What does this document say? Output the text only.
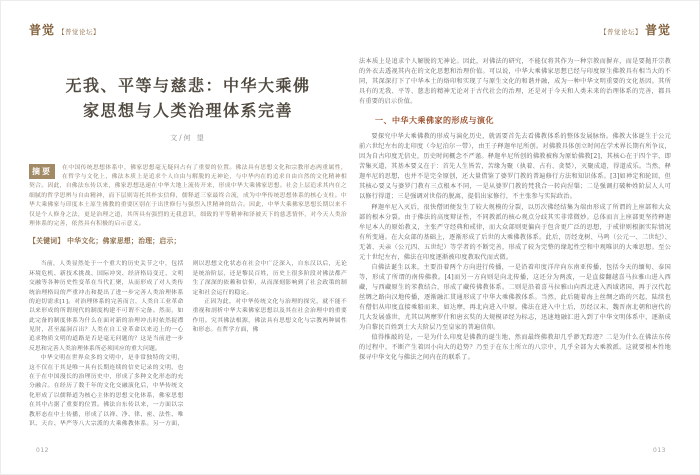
普觉 【普觉论坛】
无我、平等与慈悲：中华大乘佛
家思想与人类治理体系完善
文/何 望
摘要	在中国传统思想体系中，佛家思想毫无疑问占有了重要的位置。佛法具有思想文化和宗教形态两重属性，在哲学与文化上，佛法本质上是追求个人自由与解脱的无神论，与中华内在的追求自由自然的文化精神相契合。因此，自佛法东传以来，佛家思想迅速在中华大地上流传开来，形成中华大乘佛家思想。社会上层追求其内在之细腻的哲学思辨与自由精神，而下层则寄托其朴实信仰，儒释道三家最终合流，成为中华传统思想体系的核心支柱。中华大乘佛家与印度本土原生佛教的重要区别在于出世修行与强烈入世精神的结合。因此，中华大乘佛家思想长期以来不仅是个人修身之法，更是治理之道，其所具有强烈的无我意识，细致的平等精神和泽被天下的慈悲情怀，对今天人类治理体系的完善，依然具有积极的启示意义。
【关键词】 中华文化；佛家思想；治理；启示；

当前，人类显然处于一个重大的历史关节之中，包括环境危机、新技术挑战、国际冲突、经济格局变迁、文明交融等各种历史性变革在当代汇聚，从而形成了对人类传统治理格局的严重冲击和提出了进一步完善人类治理体系的迫切需求[1]。对治理体系的完善而言，人类自工业革命以来形成的所谓现代的制度构建不可谓不完备。然而，如此完备的制度体系为什么在面对新的治理冲击时依然捉襟见肘，甚至漏洞百出？人类在自工业革命以来迈上的一心追求物质文明的道路是否是毫无问题的？这是当前进一步反思和完善人类治理体系所必须回应的重大问题。

中华文明在世界众多的文明中，是非常独特的文明，这不仅在于其是唯一具有长期连续的信史记录的文明，也在于在中国漫长的治理历史中，形成了多种文化形态的充分融合。在经历了数千年的文化交融演化后，中华传统文化形成了以儒释道为核心主体的思想文化体系，佛家思想在其中占据了重要的位置。佛法自东传以来，一方面以宗教形态在中土传播，形成了以禅、净、律、密、法性、唯识、天台、华严等八大宗派的大乘佛教体系。另一方面，则以思想文化状态在社会中广泛深入，自东汉以后，无论是统治阶层，还是黎民百姓，历史上很多阶段对佛法都产生了深深的依赖和信仰，从而深刻影响到了社会政策的制定和社会运行的稳定。

正因为此，对中华传统文化与治理的探究，就不能不重视和剖析中华大乘佛家思想以及其在社会治理中的重要作用。究其佛法根源，佛法具有思想文化与宗教两种属性和形态。在哲学方面，佛

【普觉论坛】 普觉

法本质上是追求个人解脱的无神论。因此，对佛法的研究，不能仅将其作为一种宗教而摒弃，而是要抛开宗教的外衣去透视其内在的文化思想和治理价值。可以说，中华大乘佛家思想已经与印度原生佛教具有相当大的不同，其深深打下了中华本土的烙印和实现了与原生文化的和谐并融，成为一种中华文明重要的文化基因。其所具有的无我、平等、慈悲的精神无论对于古代社会的治理，还是对于今天和人类未来的治理体系的完善，都具有重要的启示价值。

一、中华大乘佛家的形成与演化

要探究中华大乘佛教的形成与演化历史，就需要首先去看佛教体系的整体发展脉络。佛教大体诞生于公元前六世纪左右的北印度（今尼泊尔一带），由王子释迦牟尼所创。对佛教具体创立时间在学术界长期有所争议，因为自古印度无信史，历史时间概念不严谨。释迦牟尼所创的佛教被称为原始佛教[2]，其核心在于四个字，即苦集灭道，其基本要义在于：首先人生皆苦，苦缘为聚（执着、占有、贪婪），灭聚成道，得道成乐。当然，释迦牟尼的思想，也并不是完全原创，还大量借鉴了婆罗门教的普遍修行方法和知识体系。[3]如禅定和轮回，但其核心要义与婆罗门教有三点根本不同，一是从婆罗门教的梵我合一转向涅槃；二是强调打破种姓阶层人人可以修行得道；三是强调对世俗的脱离，提倡出家修行，不主张参与实际政治。

释迦牟尼入灭后，很快僧团便发生了较大规模的分裂，以历次佛经结集为端由形成了所谓的上座部和大众部的根本分裂。由于佛法的高度辩证性，不同教派的核心观点分歧其实非常微妙。总体而言上座部更坚持释迦牟尼本人的原始教义，主张严守经典和戒律，而大众部则更偏向于包含更广泛的思想，于戒律则根据实际情况有所变通。在大众部的基础上，逐渐形成了后世的大乘佛教体系。此后，历经龙树、马鸣（公元一、二世纪）、无著、天亲（公元四、五世纪）等学者的不断完善，形成了较为完整的缘起性空和中观唯识的大乘思想。至公元十世纪左右，佛法在印度逐渐被印度教取代而式微。

自佛法诞生以来，主要沿着两个方向进行传播，一是沿着印度洋岸向东南亚传播，包括今天的缅甸、泰国等，形成了所谓的南传佛教。[4]而另一方向则是向北传播，这还分为两波，一是直接翻越喜马拉雅山进入西藏，与西藏原生的苯教结合，形成了藏传佛教体系。二则是沿着喜马拉雅山向西北进入西域诸国，再于汉代起丝绸之路向汉地传播，逐渐融汇贯通形成了中华大乘佛教体系。当然，此后随着海上丝绸之路的兴起，陆续也有僧侣从印度直接乘船而来，如达摩，再北向进入中原。佛法在进入中土后，历经汉末、魏晋南北朝和唐代的几大发展盛世，尤其以鸠摩罗什和唐玄奘的大规模译经为标志，迅速地融汇进入到了中华文明体系中，逐渐成为自黎民百姓到士大夫阶层乃至皇家的普遍信仰。

值得推敲的是，一是为什么印度是佛教的诞生地，然而最终佛教却几乎渺无踪迹？二是为什么在佛法东传的过程中，不断产生着因小向大的趋势？乃至于在东土所立的八宗中，几乎全部为大乘教派。这就要根本性地探寻中华文化与佛法之间内在的联系了。

012	013
